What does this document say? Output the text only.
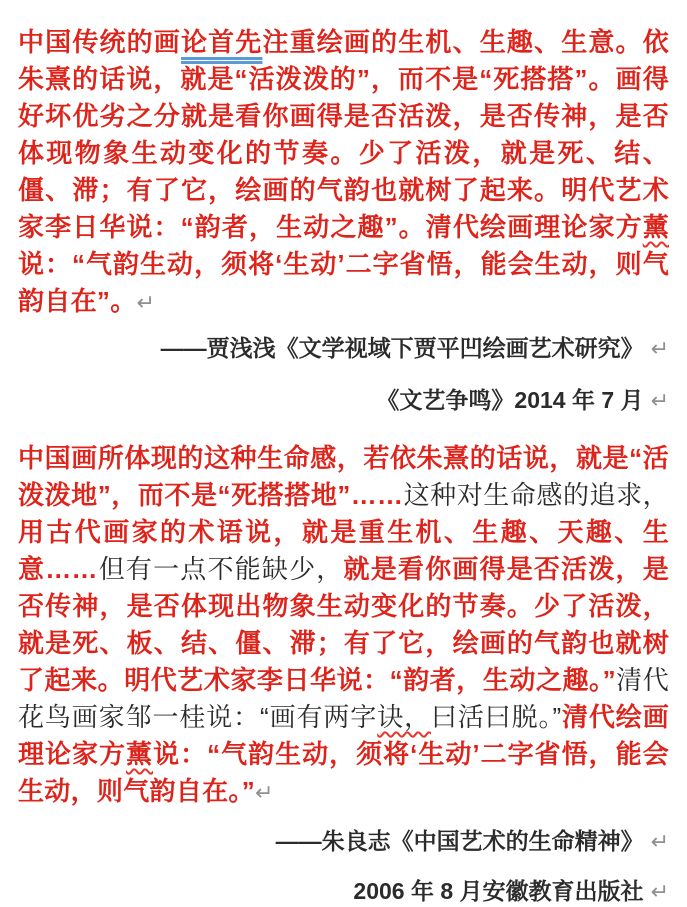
中国传统的画论首先注重绘画的生机、生趣、生意。依朱熹的话说，就是“活泼泼的”，而不是“死搭搭”。画得好坏优劣之分就是看你画得是否活泼，是否传神，是否体现物象生动变化的节奏。少了活泼，就是死、结、僵、滞；有了它，绘画的气韵也就树了起来。明代艺术家李日华说：“韵者，生动之趣”。清代绘画理论家方薰说：“气韵生动，须将‘生动’二字省悟，能会生动，则气韵自在”。↵

——贾浅浅《文学视域下贾平凹绘画艺术研究》 ↵

《文艺争鸣》2014 年 7 月 ↵

中国画所体现的这种生命感，若依朱熹的话说，就是“活泼泼地”，而不是“死搭搭地”……这种对生命感的追求，用古代画家的术语说，就是重生机、生趣、天趣、生意……但有一点不能缺少，就是看你画得是否活泼，是否传神，是否体现出物象生动变化的节奏。少了活泼，就是死、板、结、僵、滞；有了它，绘画的气韵也就树了起来。明代艺术家李日华说：“韵者，生动之趣。”清代花鸟画家邹一桂说：“画有两字诀，曰活曰脱。”清代绘画理论家方薰说：“气韵生动，须将‘生动’二字省悟，能会生动，则气韵自在。”↵

——朱良志《中国艺术的生命精神》 ↵

2006 年 8 月安徽教育出版社 ↵
